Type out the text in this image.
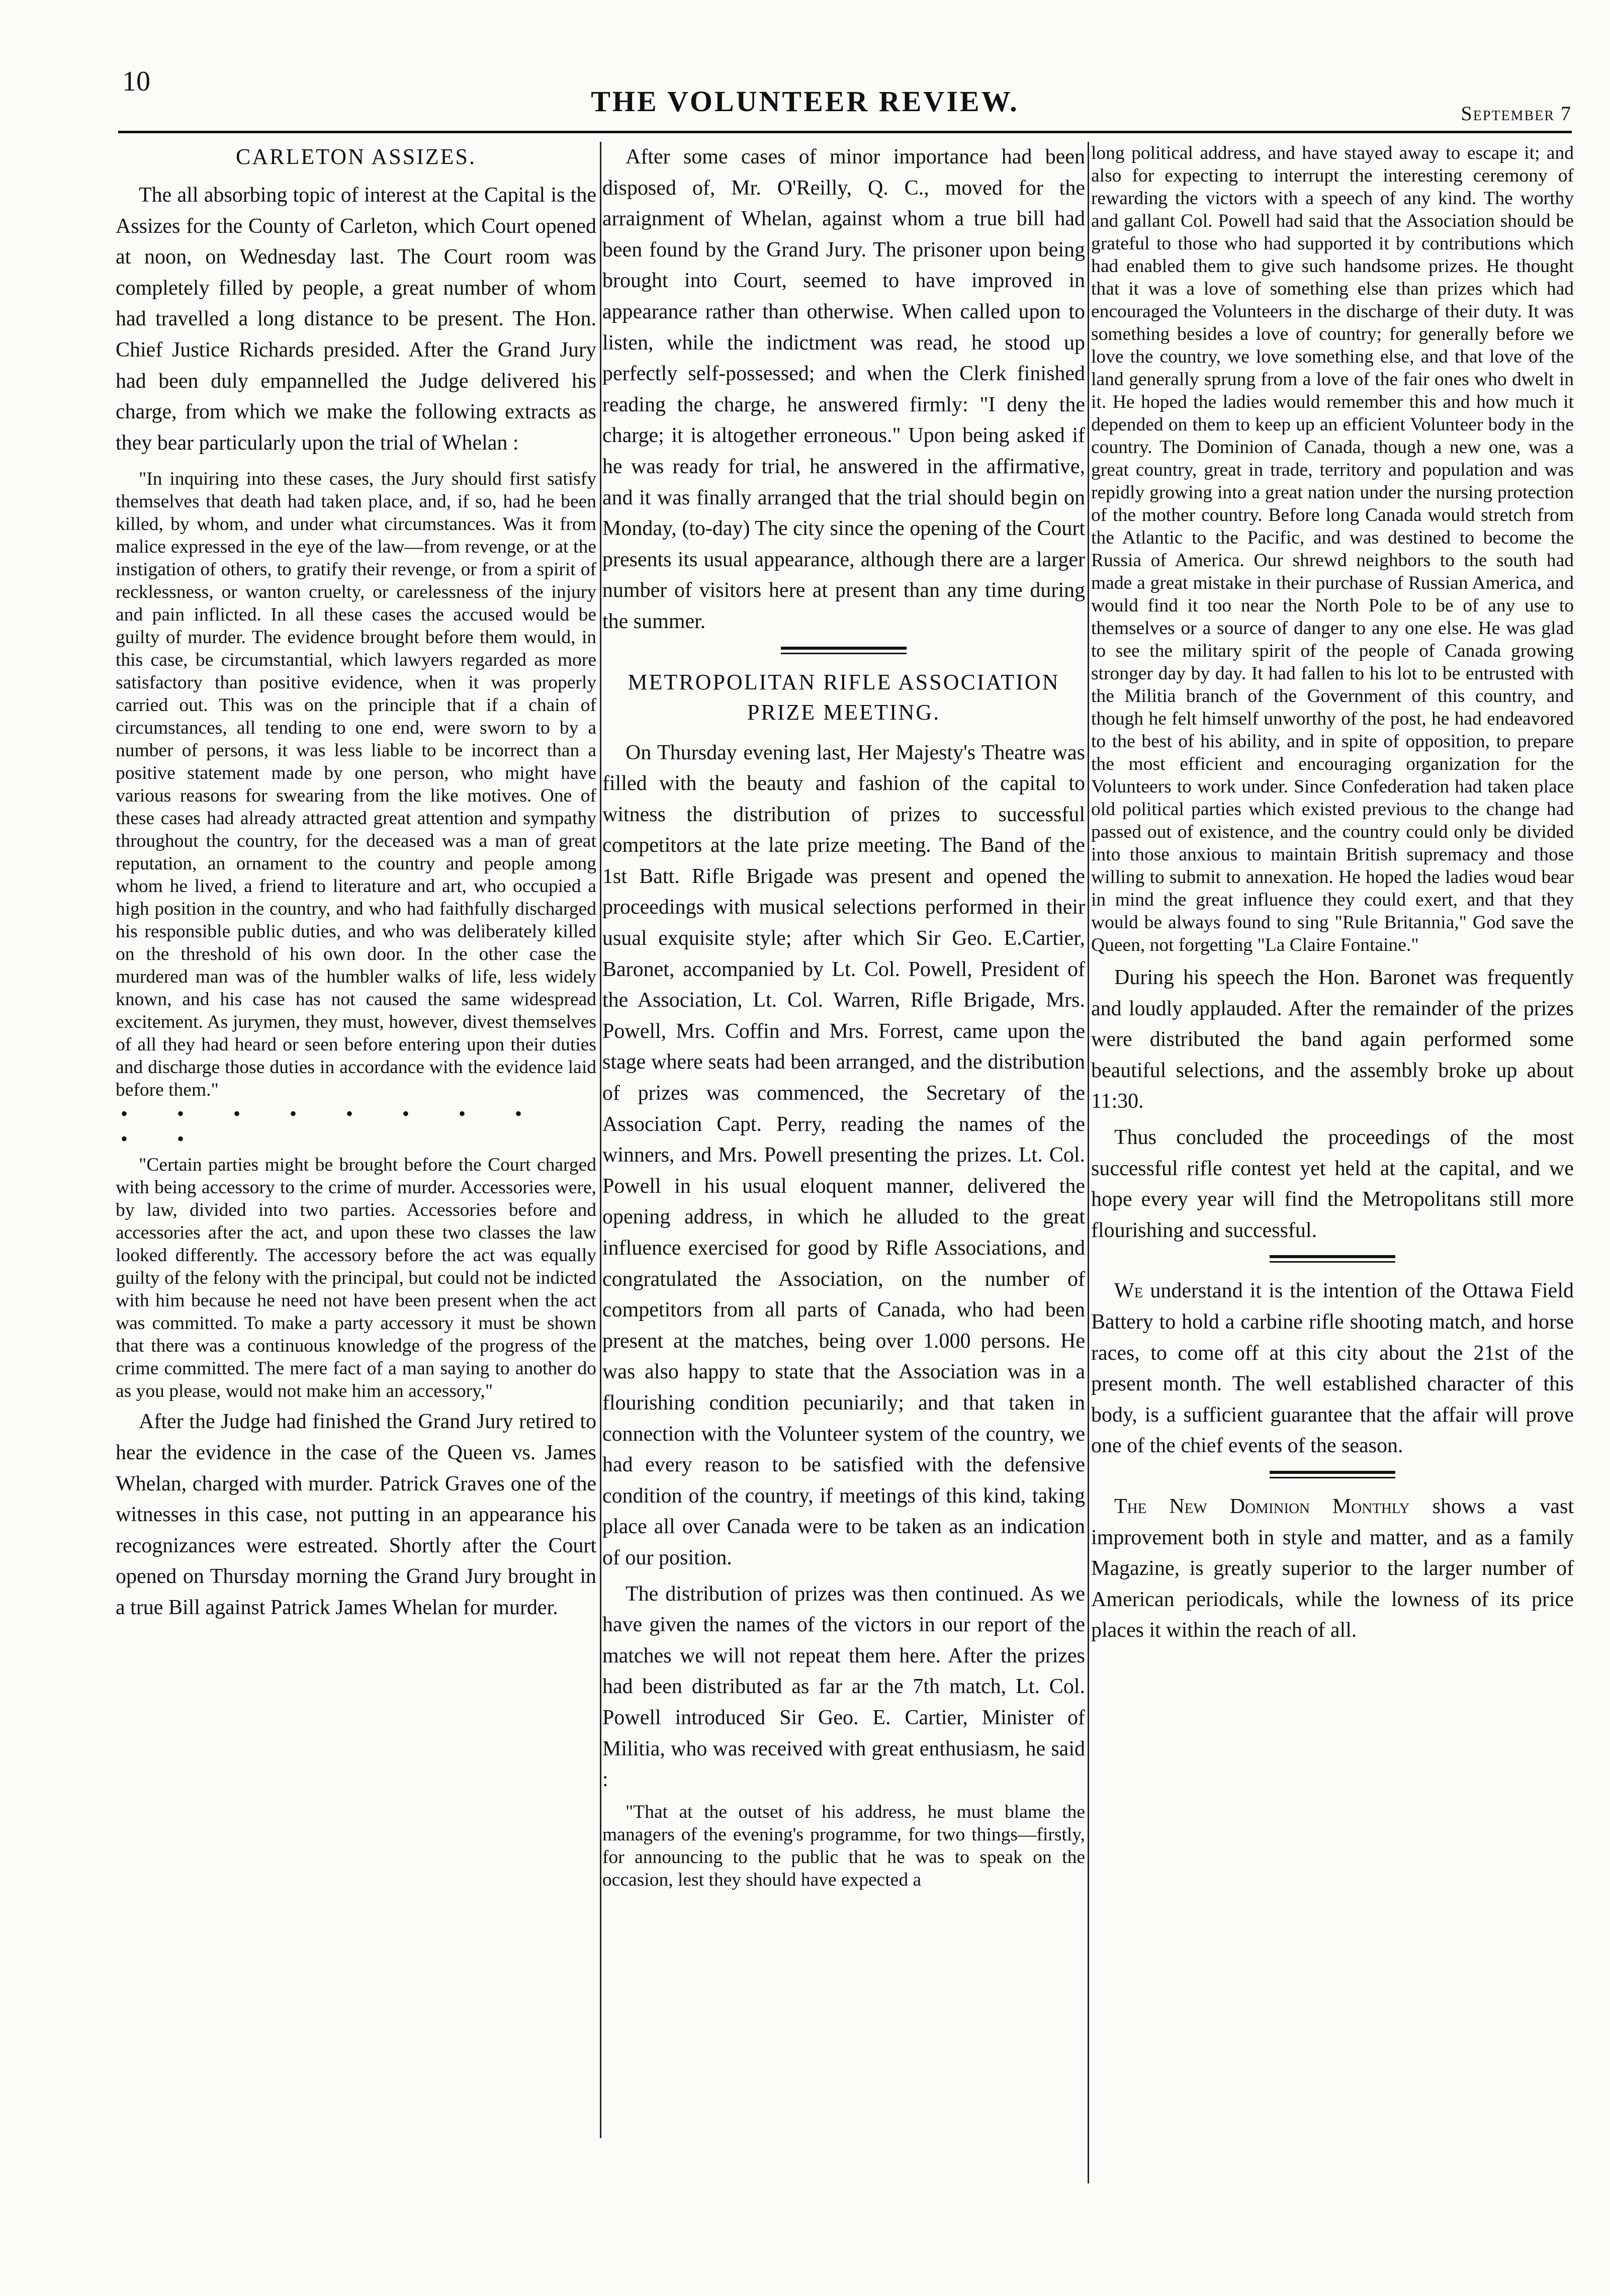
10
THE VOLUNTEER REVIEW.	September 7
CARLETON ASSIZES.

The all absorbing topic of interest at the Capital is the Assizes for the County of Carleton, which Court opened at noon, on Wednesday last. The Court room was completely filled by people, a great number of whom had travelled a long distance to be present. The Hon. Chief Justice Richards presided. After the Grand Jury had been duly empannelled the Judge delivered his charge, from which we make the following extracts as they bear particularly upon the trial of Whelan :

"In inquiring into these cases, the Jury should first satisfy themselves that death had taken place, and, if so, had he been killed, by whom, and under what circumstances. Was it from malice expressed in the eye of the law—from revenge, or at the instigation of others, to gratify their revenge, or from a spirit of recklessness, or wanton cruelty, or carelessness of the injury and pain inflicted. In all these cases the accused would be guilty of murder. The evidence brought before them would, in this case, be circumstantial, which lawyers regarded as more satisfactory than positive evidence, when it was properly carried out. This was on the principle that if a chain of circumstances, all tending to one end, were sworn to by a number of persons, it was less liable to be incorrect than a positive statement made by one person, who might have various reasons for swearing from the like motives. One of these cases had already attracted great attention and sympathy throughout the country, for the deceased was a man of great reputation, an ornament to the country and people among whom he lived, a friend to literature and art, who occupied a high position in the country, and who had faithfully discharged his responsible public duties, and who was deliberately killed on the threshold of his own door. In the other case the murdered man was of the humbler walks of life, less widely known, and his case has not caused the same widespread excitement. As jurymen, they must, however, divest themselves of all they had heard or seen before entering upon their duties and discharge those duties in accordance with the evidence laid before them."

• • • • • • • • • •

"Certain parties might be brought before the Court charged with being accessory to the crime of murder. Accessories were, by law, divided into two parties. Accessories before and accessories after the act, and upon these two classes the law looked differently. The accessory before the act was equally guilty of the felony with the principal, but could not be indicted with him because he need not have been present when the act was committed. To make a party accessory it must be shown that there was a continuous knowledge of the progress of the crime committed. The mere fact of a man saying to another do as you please, would not make him an accessory,"

After the Judge had finished the Grand Jury retired to hear the evidence in the case of the Queen vs. James Whelan, charged with murder. Patrick Graves one of the witnesses in this case, not putting in an appearance his recognizances were estreated. Shortly after the Court opened on Thursday morning the Grand Jury brought in a true Bill against Patrick James Whelan for murder.

After some cases of minor importance had been disposed of, Mr. O'Reilly, Q. C., moved for the arraignment of Whelan, against whom a true bill had been found by the Grand Jury. The prisoner upon being brought into Court, seemed to have improved in appearance rather than otherwise. When called upon to listen, while the indictment was read, he stood up perfectly self-possessed; and when the Clerk finished reading the charge, he answered firmly: "I deny the charge; it is altogether erroneous." Upon being asked if he was ready for trial, he answered in the affirmative, and it was finally arranged that the trial should begin on Monday, (to-day) The city since the opening of the Court presents its usual appearance, although there are a larger number of visitors here at present than any time during the summer.

METROPOLITAN RIFLE ASSOCIATION PRIZE MEETING.

On Thursday evening last, Her Majesty's Theatre was filled with the beauty and fashion of the capital to witness the distribution of prizes to successful competitors at the late prize meeting. The Band of the 1st Batt. Rifle Brigade was present and opened the proceedings with musical selections performed in their usual exquisite style; after which Sir Geo. E.Cartier, Baronet, accompanied by Lt. Col. Powell, President of the Association, Lt. Col. Warren, Rifle Brigade, Mrs. Powell, Mrs. Coffin and Mrs. Forrest, came upon the stage where seats had been arranged, and the distribution of prizes was commenced, the Secretary of the Association Capt. Perry, reading the names of the winners, and Mrs. Powell presenting the prizes. Lt. Col. Powell in his usual eloquent manner, delivered the opening address, in which he alluded to the great influence exercised for good by Rifle Associations, and congratulated the Association, on the number of competitors from all parts of Canada, who had been present at the matches, being over 1.000 persons. He was also happy to state that the Association was in a flourishing condition pecuniarily; and that taken in connection with the Volunteer system of the country, we had every reason to be satisfied with the defensive condition of the country, if meetings of this kind, taking place all over Canada were to be taken as an indication of our position.

The distribution of prizes was then continued. As we have given the names of the victors in our report of the matches we will not repeat them here. After the prizes had been distributed as far ar the 7th match, Lt. Col. Powell introduced Sir Geo. E. Cartier, Minister of Militia, who was received with great enthusiasm, he said :

"That at the outset of his address, he must blame the managers of the evening's programme, for two things—firstly, for announcing to the public that he was to speak on the occasion, lest they should have expected a

long political address, and have stayed away to escape it; and also for expecting to interrupt the interesting ceremony of rewarding the victors with a speech of any kind. The worthy and gallant Col. Powell had said that the Association should be grateful to those who had supported it by contributions which had enabled them to give such handsome prizes. He thought that it was a love of something else than prizes which had encouraged the Volunteers in the discharge of their duty. It was something besides a love of country; for generally before we love the country, we love something else, and that love of the land generally sprung from a love of the fair ones who dwelt in it. He hoped the ladies would remember this and how much it depended on them to keep up an efficient Volunteer body in the country. The Dominion of Canada, though a new one, was a great country, great in trade, territory and population and was repidly growing into a great nation under the nursing protection of the mother country. Before long Canada would stretch from the Atlantic to the Pacific, and was destined to become the Russia of America. Our shrewd neighbors to the south had made a great mistake in their purchase of Russian America, and would find it too near the North Pole to be of any use to themselves or a source of danger to any one else. He was glad to see the military spirit of the people of Canada growing stronger day by day. It had fallen to his lot to be entrusted with the Militia branch of the Government of this country, and though he felt himself unworthy of the post, he had endeavored to the best of his ability, and in spite of opposition, to prepare the most efficient and encouraging organization for the Volunteers to work under. Since Confederation had taken place old political parties which existed previous to the change had passed out of existence, and the country could only be divided into those anxious to maintain British supremacy and those willing to submit to annexation. He hoped the ladies woud bear in mind the great influence they could exert, and that they would be always found to sing "Rule Britannia," God save the Queen, not forgetting "La Claire Fontaine."

During his speech the Hon. Baronet was frequently and loudly applauded. After the remainder of the prizes were distributed the band again performed some beautiful selections, and the assembly broke up about 11:30.

Thus concluded the proceedings of the most successful rifle contest yet held at the capital, and we hope every year will find the Metropolitans still more flourishing and successful.

We understand it is the intention of the Ottawa Field Battery to hold a carbine rifle shooting match, and horse races, to come off at this city about the 21st of the present month. The well established character of this body, is a sufficient guarantee that the affair will prove one of the chief events of the season.

The New Dominion Monthly shows a vast improvement both in style and matter, and as a family Magazine, is greatly superior to the larger number of American periodicals, while the lowness of its price places it within the reach of all.
